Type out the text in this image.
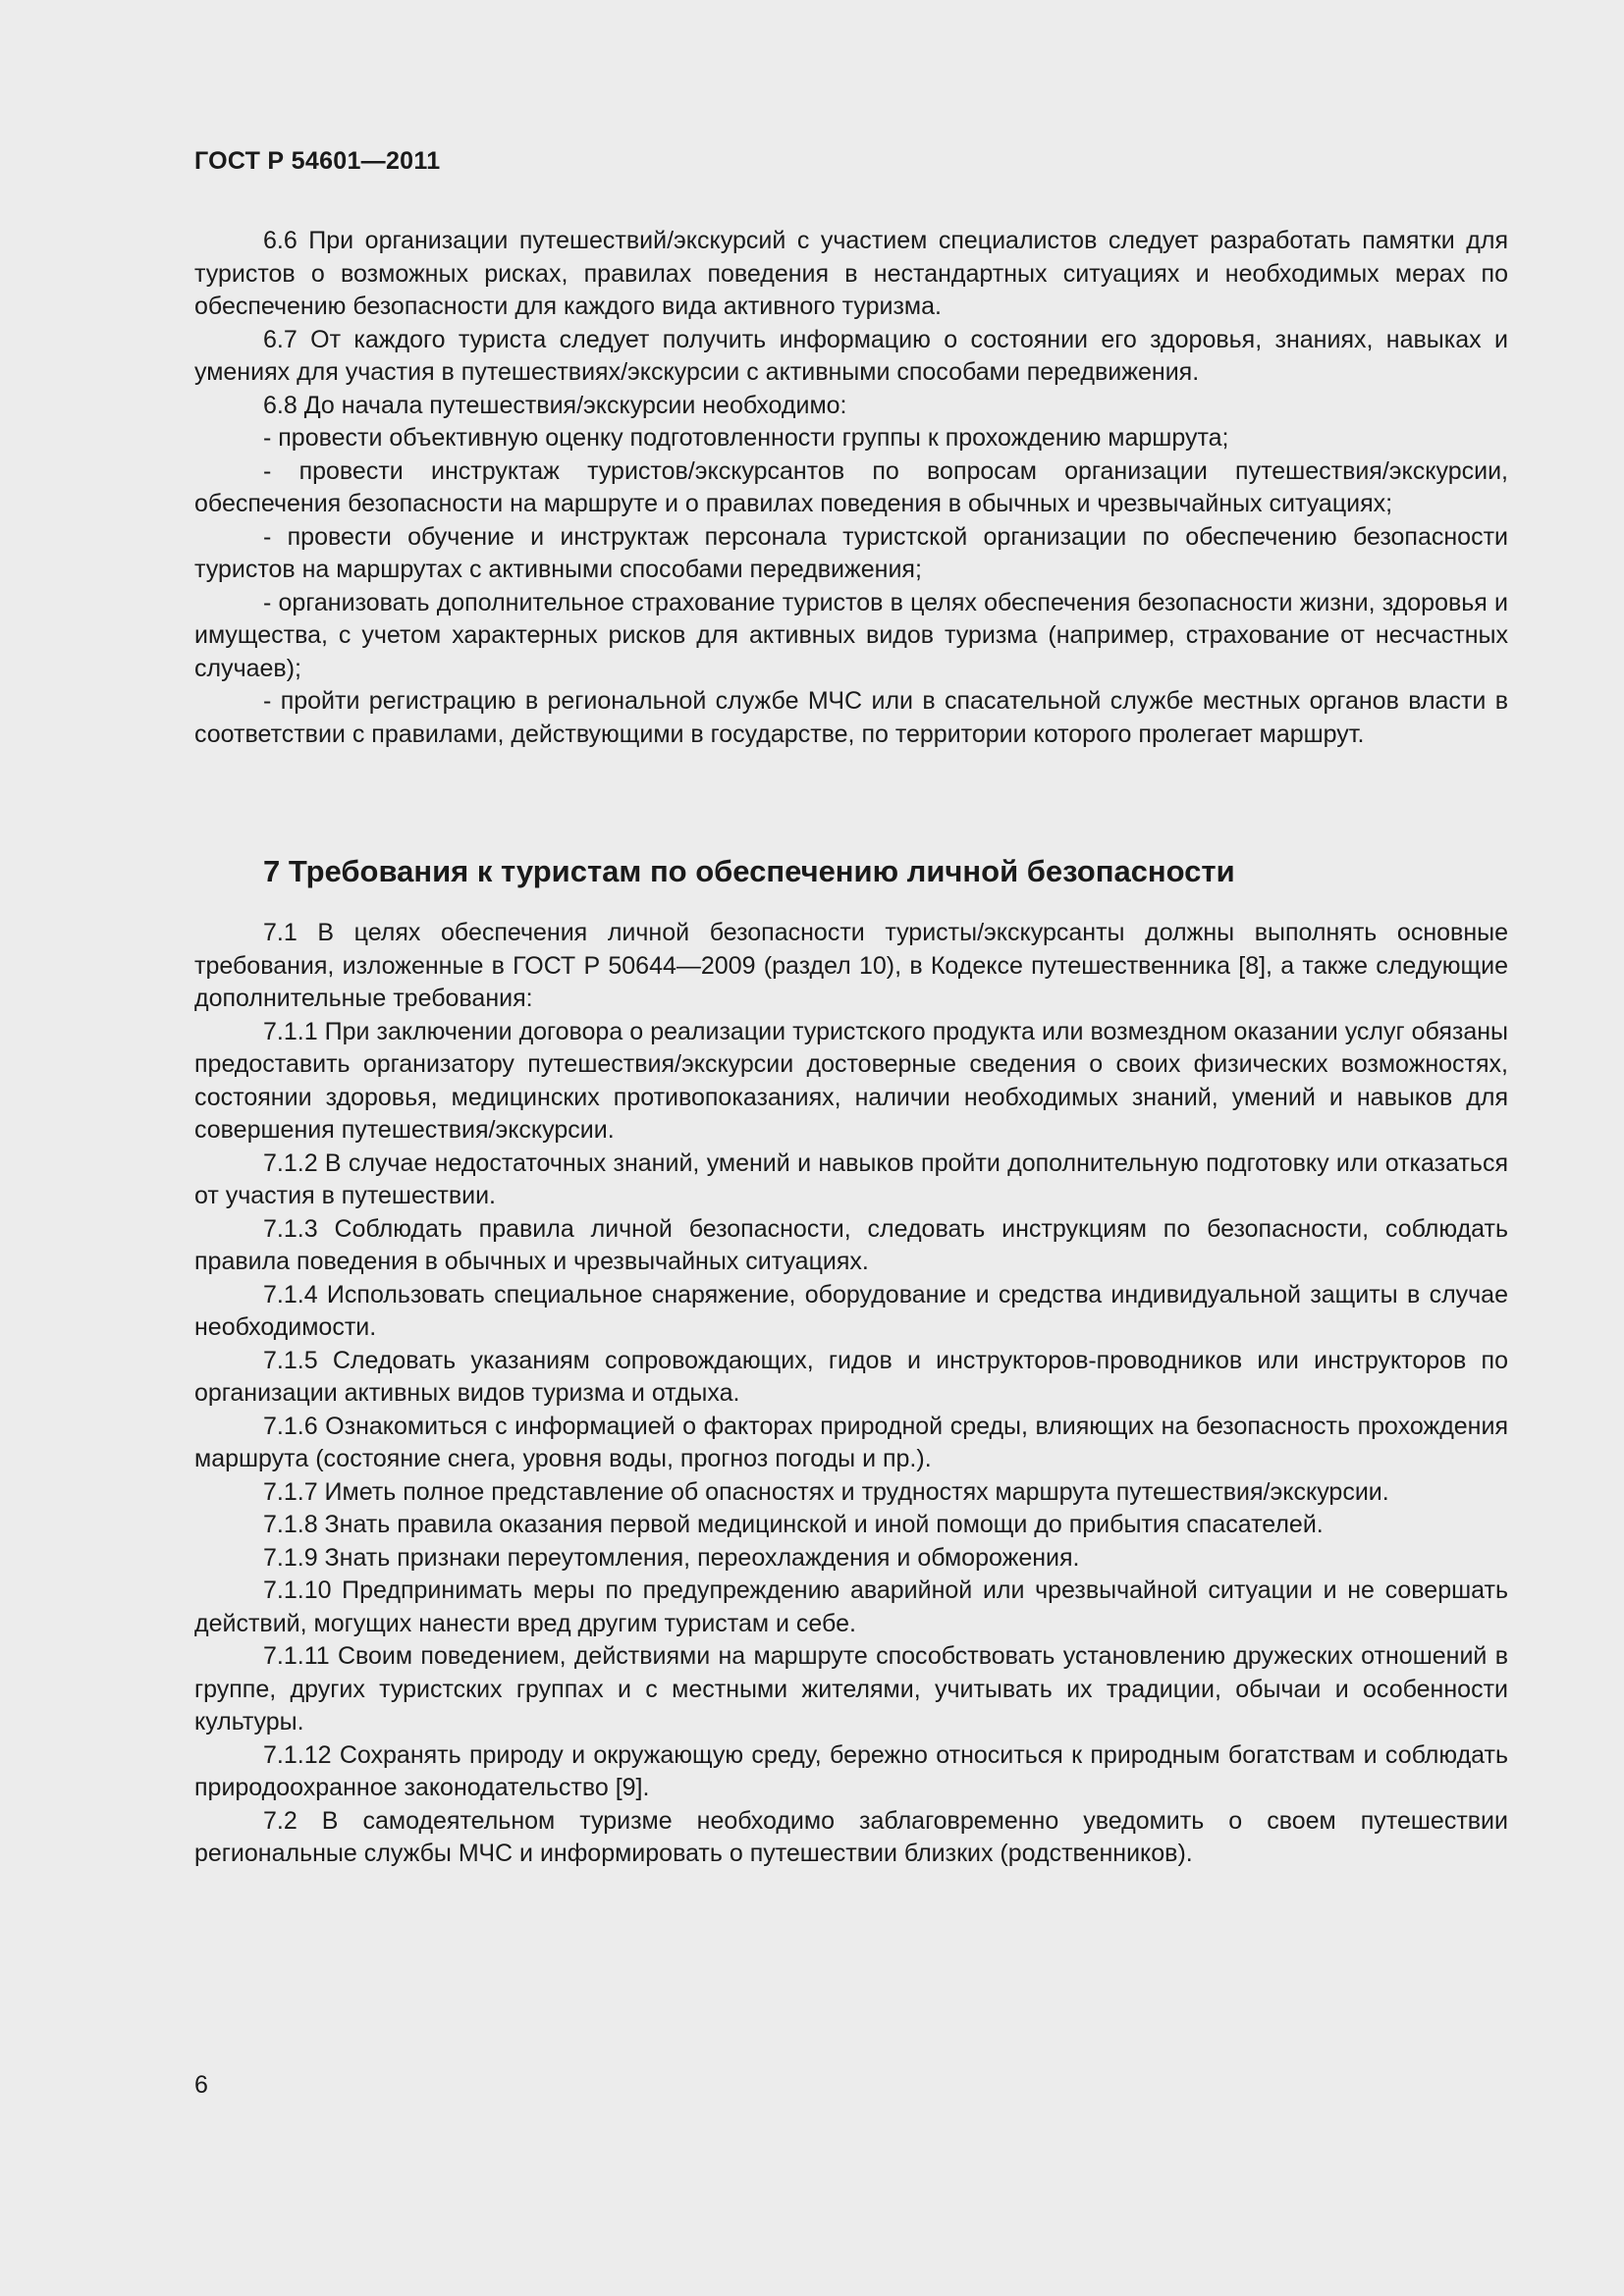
ГОСТ Р 54601—2011

6.6 При организации путешествий/экскурсий с участием специалистов следует разработать памятки для туристов о возможных рисках, правилах поведения в нестандартных ситуациях и необходимых мерах по обеспечению безопасности для каждого вида активного туризма.

6.7 От каждого туриста следует получить информацию о состоянии его здоровья, знаниях, навыках и умениях для участия в путешествиях/экскурсии с активными способами передвижения.

6.8 До начала путешествия/экскурсии необходимо:

- провести объективную оценку подготовленности группы к прохождению маршрута;

- провести инструктаж туристов/экскурсантов по вопросам организации путешествия/экскурсии, обеспечения безопасности на маршруте и о правилах поведения в обычных и чрезвычайных ситуациях;

- провести обучение и инструктаж персонала туристской организации по обеспечению безопасности туристов на маршрутах с активными способами передвижения;

- организовать дополнительное страхование туристов в целях обеспечения безопасности жизни, здоровья и имущества, с учетом характерных рисков для активных видов туризма (например, страхование от несчастных случаев);

- пройти регистрацию в региональной службе МЧС или в спасательной службе местных органов власти в соответствии с правилами, действующими в государстве, по территории которого пролегает маршрут.

7 Требования к туристам по обеспечению личной безопасности

7.1 В целях обеспечения личной безопасности туристы/экскурсанты должны выполнять основные требования, изложенные в ГОСТ Р 50644—2009 (раздел 10), в Кодексе путешественника [8], а также следующие дополнительные требования:

7.1.1 При заключении договора о реализации туристского продукта или возмездном оказании услуг обязаны предоставить организатору путешествия/экскурсии достоверные сведения о своих физических возможностях, состоянии здоровья, медицинских противопоказаниях, наличии необходимых знаний, умений и навыков для совершения путешествия/экскурсии.

7.1.2 В случае недостаточных знаний, умений и навыков пройти дополнительную подготовку или отказаться от участия в путешествии.

7.1.3 Соблюдать правила личной безопасности, следовать инструкциям по безопасности, соблюдать правила поведения в обычных и чрезвычайных ситуациях.

7.1.4 Использовать специальное снаряжение, оборудование и средства индивидуальной защиты в случае необходимости.

7.1.5 Следовать указаниям сопровождающих, гидов и инструкторов-проводников или инструкторов по организации активных видов туризма и отдыха.

7.1.6 Ознакомиться с информацией о факторах природной среды, влияющих на безопасность прохождения маршрута (состояние снега, уровня воды, прогноз погоды и пр.).

7.1.7 Иметь полное представление об опасностях и трудностях маршрута путешествия/экскурсии.

7.1.8 Знать правила оказания первой медицинской и иной помощи до прибытия спасателей.

7.1.9 Знать признаки переутомления, переохлаждения и обморожения.

7.1.10 Предпринимать меры по предупреждению аварийной или чрезвычайной ситуации и не совершать действий, могущих нанести вред другим туристам и себе.

7.1.11 Своим поведением, действиями на маршруте способствовать установлению дружеских отношений в группе, других туристских группах и с местными жителями, учитывать их традиции, обычаи и особенности культуры.

7.1.12 Сохранять природу и окружающую среду, бережно относиться к природным богатствам и соблюдать природоохранное законодательство [9].

7.2 В самодеятельном туризме необходимо заблаговременно уведомить о своем путешествии региональные службы МЧС и информировать о путешествии близких (родственников).

6
